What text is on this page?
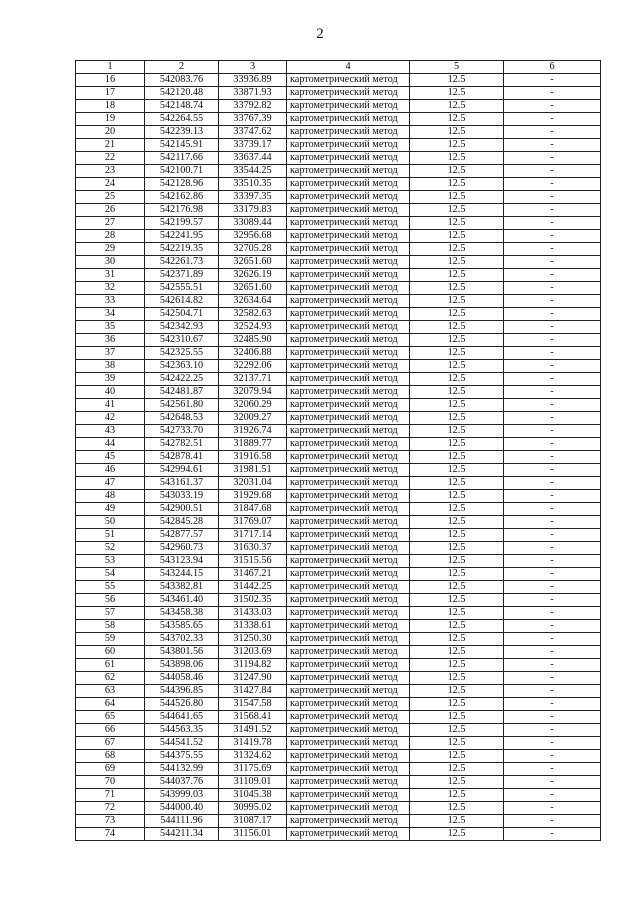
2
1	2	3	4	5	6
16	542083.76	33936.89	картометрический метод	12.5	-
17	542120.48	33871.93	картометрический метод	12.5	-
18	542148.74	33792.82	картометрический метод	12.5	-
19	542264.55	33767.39	картометрический метод	12.5	-
20	542239.13	33747.62	картометрический метод	12.5	-
21	542145.91	33739.17	картометрический метод	12.5	-
22	542117.66	33637.44	картометрический метод	12.5	-
23	542100.71	33544.25	картометрический метод	12.5	-
24	542128.96	33510.35	картометрический метод	12.5	-
25	542162.86	33397.35	картометрический метод	12.5	-
26	542176.98	33179.83	картометрический метод	12.5	-
27	542199.57	33089.44	картометрический метод	12.5	-
28	542241.95	32956.68	картометрический метод	12.5	-
29	542219.35	32705.28	картометрический метод	12.5	-
30	542261.73	32651.60	картометрический метод	12.5	-
31	542371.89	32626.19	картометрический метод	12.5	-
32	542555.51	32651.60	картометрический метод	12.5	-
33	542614.82	32634.64	картометрический метод	12.5	-
34	542504.71	32582.63	картометрический метод	12.5	-
35	542342.93	32524.93	картометрический метод	12.5	-
36	542310.67	32485.90	картометрический метод	12.5	-
37	542325.55	32406.88	картометрический метод	12.5	-
38	542363.10	32292.06	картометрический метод	12.5	-
39	542422.25	32137.71	картометрический метод	12.5	-
40	542481.87	32079.94	картометрический метод	12.5	-
41	542561.80	32060.29	картометрический метод	12.5	-
42	542648.53	32009.27	картометрический метод	12.5	-
43	542733.70	31926.74	картометрический метод	12.5	-
44	542782.51	31889.77	картометрический метод	12.5	-
45	542878.41	31916.58	картометрический метод	12.5	-
46	542994.61	31981.51	картометрический метод	12.5	-
47	543161.37	32031.04	картометрический метод	12.5	-
48	543033.19	31929.68	картометрический метод	12.5	-
49	542900.51	31847.68	картометрический метод	12.5	-
50	542845.28	31769.07	картометрический метод	12.5	-
51	542877.57	31717.14	картометрический метод	12.5	-
52	542960.73	31630.37	картометрический метод	12.5	-
53	543123.94	31515.56	картометрический метод	12.5	-
54	543244.15	31467.21	картометрический метод	12.5	-
55	543382.81	31442.25	картометрический метод	12.5	-
56	543461.40	31502.35	картометрический метод	12.5	-
57	543458.38	31433.03	картометрический метод	12.5	-
58	543585.65	31338.61	картометрический метод	12.5	-
59	543702.33	31250.30	картометрический метод	12.5	-
60	543801.56	31203.69	картометрический метод	12.5	-
61	543898.06	31194.82	картометрический метод	12.5	-
62	544058.46	31247.90	картометрический метод	12.5	-
63	544396.85	31427.84	картометрический метод	12.5	-
64	544526.80	31547.58	картометрический метод	12.5	-
65	544641.65	31568.41	картометрический метод	12.5	-
66	544563.35	31491.52	картометрический метод	12.5	-
67	544541.52	31419.78	картометрический метод	12.5	-
68	544375.55	31324.62	картометрический метод	12.5	-
69	544132.99	31175.69	картометрический метод	12.5	-
70	544037.76	31109.01	картометрический метод	12.5	-
71	543999.03	31045.38	картометрический метод	12.5	-
72	544000.40	30995.02	картометрический метод	12.5	-
73	544111.96	31087.17	картометрический метод	12.5	-
74	544211.34	31156.01	картометрический метод	12.5	-
